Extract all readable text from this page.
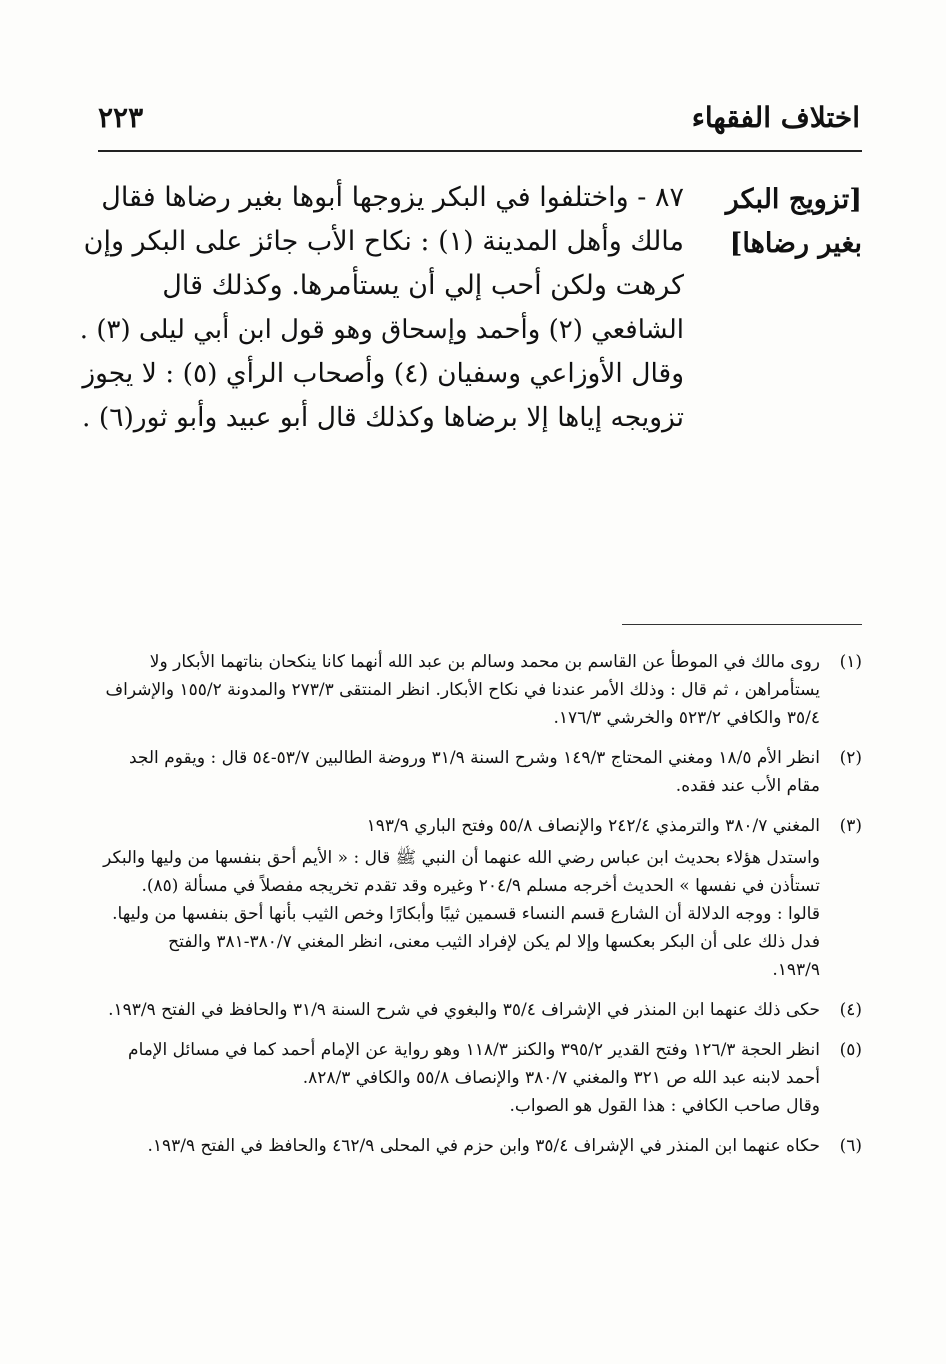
اختلاف الفقهاء
٢٢٣
[تزويج البكر
بغير رضاها]
٨٧ - واختلفوا في البكر يزوجها أبوها بغير رضاها فقال
مالك وأهل المدينة (١) : نكاح الأب جائز على البكر وإن
كرهت ولكن أحب إلي أن يستأمرها. وكذلك قال
الشافعي (٢) وأحمد وإسحاق وهو قول ابن أبي ليلى (٣) .
وقال الأوزاعي وسفيان (٤) وأصحاب الرأي (٥) : لا يجوز
تزويجه إياها إلا برضاها وكذلك قال أبو عبيد وأبو ثور(٦) .
(١)
روى مالك في الموطأ عن القاسم بن محمد وسالم بن عبد الله أنهما كانا ينكحان بناتهما الأبكار ولا
يستأمراهن ، ثم قال : وذلك الأمر عندنا في نكاح الأبكار. انظر المنتقى ٢٧٣/٣ والمدونة ١٥٥/٢ والإشراف
٣٥/٤ والكافي ٥٢٣/٢ والخرشي ١٧٦/٣.
(٢)
انظر الأم ١٨/٥ ومغني المحتاج ١٤٩/٣ وشرح السنة ٣١/٩ وروضة الطالبين ٥٣/٧-٥٤ قال : ويقوم الجد
مقام الأب عند فقده.
(٣)
المغني ٣٨٠/٧ والترمذي ٢٤٢/٤ والإنصاف ٥٥/٨ وفتح الباري ١٩٣/٩
واستدل هؤلاء بحديث ابن عباس رضي الله عنهما أن النبي ﷺ قال : « الأيم أحق بنفسها من وليها والبكر
تستأذن في نفسها » الحديث أخرجه مسلم ٢٠٤/٩ وغيره وقد تقدم تخريجه مفصلاً في مسألة (٨٥).
قالوا : ووجه الدلالة أن الشارع قسم النساء قسمين ثيبًا وأبكارًا وخص الثيب بأنها أحق بنفسها من وليها.
فدل ذلك على أن البكر بعكسها وإلا لم يكن لإفراد الثيب معنى، انظر المغني ٣٨٠/٧-٣٨١ والفتح
١٩٣/٩.
(٤)
حكى ذلك عنهما ابن المنذر في الإشراف ٣٥/٤ والبغوي في شرح السنة ٣١/٩ والحافظ في الفتح ١٩٣/٩.
(٥)
انظر الحجة ١٢٦/٣ وفتح القدير ٣٩٥/٢ والكنز ١١٨/٣ وهو رواية عن الإمام أحمد كما في مسائل الإمام
أحمد لابنه عبد الله ص ٣٢١ والمغني ٣٨٠/٧ والإنصاف ٥٥/٨ والكافي ٨٢٨/٣.
وقال صاحب الكافي : هذا القول هو الصواب.
(٦)
حكاه عنهما ابن المنذر في الإشراف ٣٥/٤ وابن حزم في المحلى ٤٦٢/٩ والحافظ في الفتح ١٩٣/٩.
